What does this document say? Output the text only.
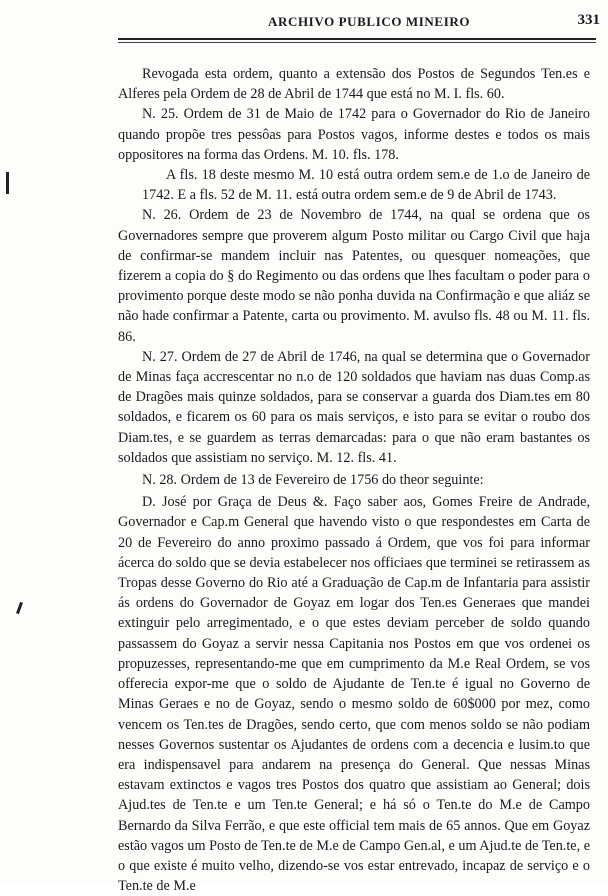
ARCHIVO PUBLICO MINEIRO	331

Revogada esta ordem, quanto a extensão dos Postos de Segundos Ten.es e Alferes pela Ordem de 28 de Abril de 1744 que está no M. I. fls. 60.

N. 25. Ordem de 31 de Maio de 1742 para o Governador do Rio de Janeiro quando propõe tres pessôas para Postos vagos, informe destes e todos os mais oppositores na forma das Ordens. M. 10. fls. 178.

A fls. 18 deste mesmo M. 10 está outra ordem sem.e de 1.o de Janeiro de 1742. E a fls. 52 de M. 11. está outra ordem sem.e de 9 de Abril de 1743.

N. 26. Ordem de 23 de Novembro de 1744, na qual se ordena que os Governadores sempre que proverem algum Posto militar ou Cargo Civil que haja de confirmar-se mandem incluir nas Patentes, ou quesquer nomeações, que fizerem a copia do § do Regimento ou das ordens que lhes facultam o poder para o provimento porque deste modo se não ponha duvida na Confirmação e que aliáz se não hade confirmar a Patente, carta ou provimento. M. avulso fls. 48 ou M. 11. fls. 86.

N. 27. Ordem de 27 de Abril de 1746, na qual se determina que o Governador de Minas faça accrescentar no n.o de 120 soldados que haviam nas duas Comp.as de Dragões mais quinze soldados, para se conservar a guarda dos Diam.tes em 80 soldados, e ficarem os 60 para os mais serviços, e isto para se evitar o roubo dos Diam.tes, e se guardem as terras demarcadas: para o que não eram bastantes os soldados que assistiam no serviço. M. 12. fls. 41.

N. 28. Ordem de 13 de Fevereiro de 1756 do theor seguinte:

D. José por Graça de Deus &. Faço saber aos, Gomes Freire de Andrade, Governador e Cap.m General que havendo visto o que respondestes em Carta de 20 de Fevereiro do anno proximo passado á Ordem, que vos foi para informar ácerca do soldo que se devia estabelecer nos officiaes que terminei se retirassem as Tropas desse Governo do Rio até a Graduação de Cap.m de Infantaria para assistir ás ordens do Governador de Goyaz em logar dos Ten.es Generaes que mandei extinguir pelo arregimentado, e o que estes deviam perceber de soldo quando passassem do Goyaz a servir nessa Capitania nos Postos em que vos ordenei os propuzesses, representando-me que em cumprimento da M.e Real Ordem, se vos offerecia expor-me que o soldo de Ajudante de Ten.te é igual no Governo de Minas Geraes e no de Goyaz, sendo o mesmo soldo de 60$000 por mez, como vencem os Ten.tes de Dragões, sendo certo, que com menos soldo se não podiam nesses Governos sustentar os Ajudantes de ordens com a decencia e lusim.to que era indispensavel para andarem na presença do General. Que nessas Minas estavam extinctos e vagos tres Postos dos quatro que assistiam ao General; dois Ajud.tes de Ten.te e um Ten.te General; e há só o Ten.te do M.e de Campo Bernardo da Silva Ferrão, e que este official tem mais de 65 annos. Que em Goyaz estão vagos um Posto de Ten.te de M.e de Campo Gen.al, e um Ajud.te de Ten.te, e o que existe é muito velho, dizendo-se vos estar entrevado, incapaz de serviço e o Ten.te de M.e
